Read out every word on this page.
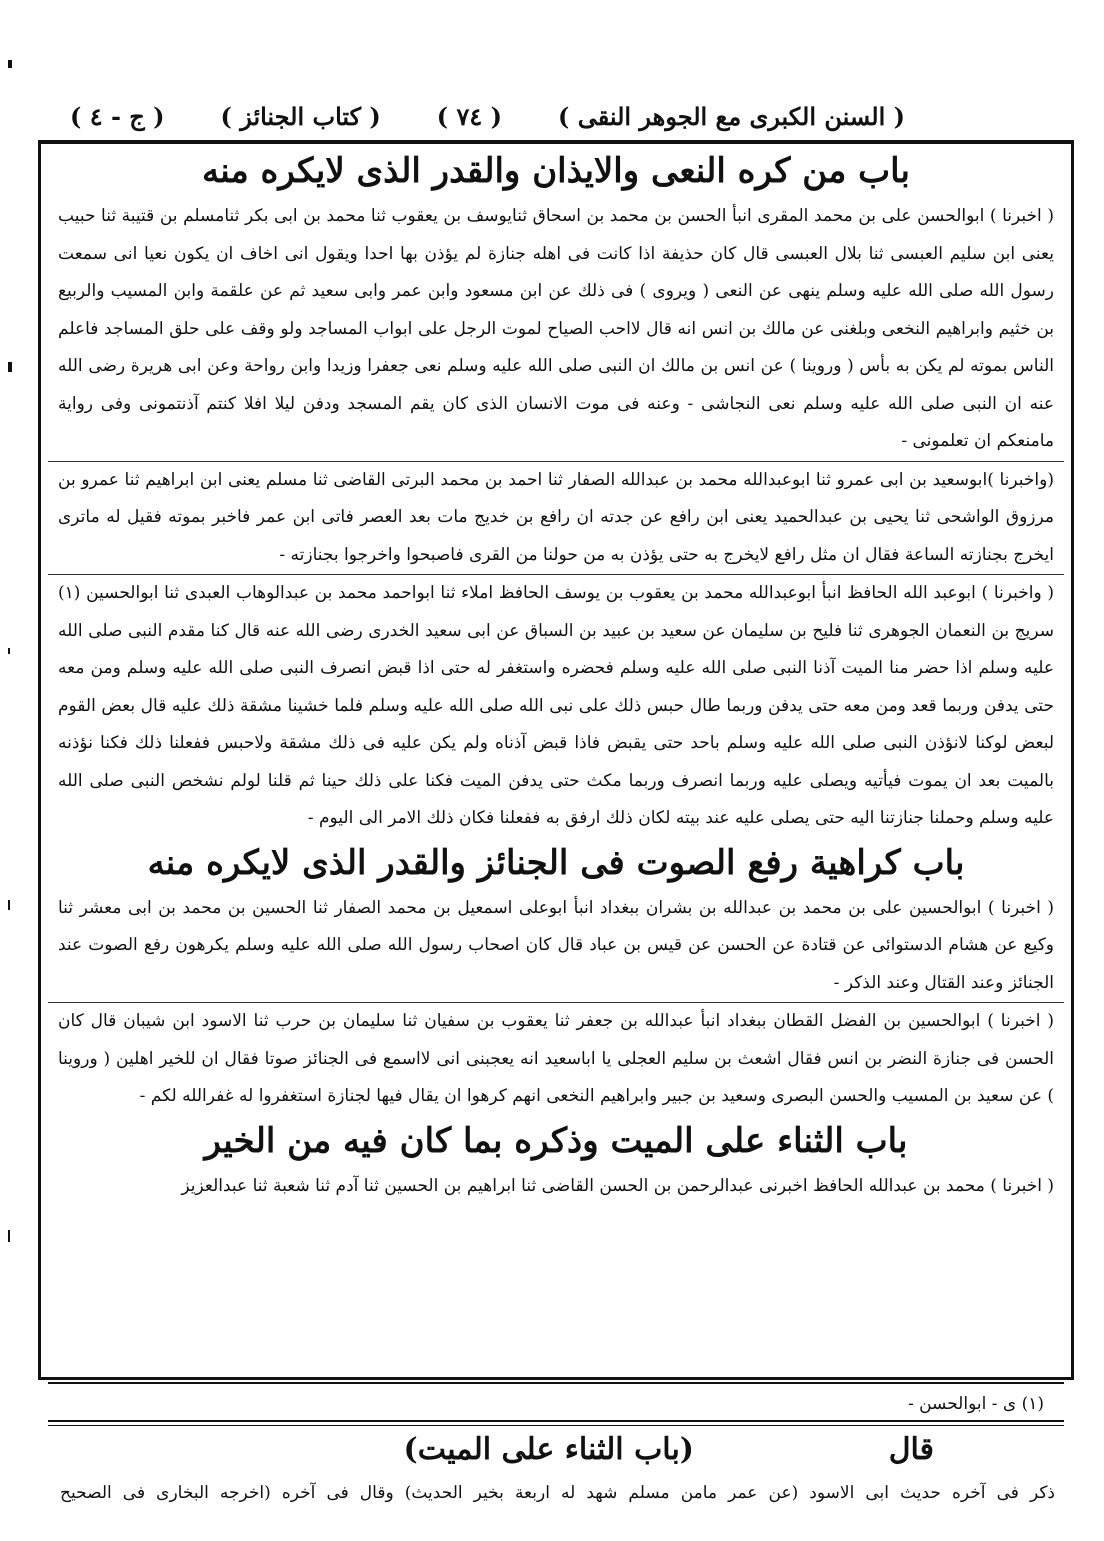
( السنن الكبرى مع الجوهر النقى )
( ٧٤ )
( كتاب الجنائز )
( ج - ٤ )
باب من كره النعى والايذان والقدر الذى لايكره منه

( اخبرنا ) ابوالحسن على بن محمد المقرى انبأ الحسن بن محمد بن اسحاق ثنايوسف بن يعقوب ثنا محمد بن ابى بكر ثنامسلم بن قتيبة ثنا حبيب يعنى ابن سليم العبسى ثنا بلال العبسى قال كان حذيفة اذا كانت فى اهله جنازة لم يؤذن بها احدا ويقول انى اخاف ان يكون نعيا انى سمعت رسول الله صلى الله عليه وسلم ينهى عن النعى ( ويروى ) فى ذلك عن ابن مسعود وابن عمر وابى سعيد ثم عن علقمة وابن المسيب والربيع بن خثيم وابراهيم النخعى وبلغنى عن مالك بن انس انه قال لااحب الصياح لموت الرجل على ابواب المساجد ولو وقف على حلق المساجد فاعلم الناس بموته لم يكن به بأس ( وروينا ) عن انس بن مالك ان النبى صلى الله عليه وسلم نعى جعفرا وزيدا وابن رواحة وعن ابى هريرة رضى الله عنه ان النبى صلى الله عليه وسلم نعى النجاشى - وعنه فى موت الانسان الذى كان يقم المسجد ودفن ليلا افلا كنتم آذنتمونى وفى رواية مامنعكم ان تعلمونى -

(واخبرنا )ابوسعيد بن ابى عمرو ثنا ابوعبدالله محمد بن عبدالله الصفار ثنا احمد بن محمد البرتى القاضى ثنا مسلم يعنى ابن ابراهيم ثنا عمرو بن مرزوق الواشحى ثنا يحيى بن عبدالحميد يعنى ابن رافع عن جدته ان رافع بن خديج مات بعد العصر فاتى ابن عمر فاخبر بموته فقيل له ماترى ايخرج بجنازته الساعة فقال ان مثل رافع لايخرج به حتى يؤذن به من حولنا من القرى فاصبحوا واخرجوا بجنازته -

( واخبرنا ) ابوعبد الله الحافظ انبأ ابوعبدالله محمد بن يعقوب بن يوسف الحافظ املاء ثنا ابواحمد محمد بن عبدالوهاب العبدى ثنا ابوالحسين (١) سريج بن النعمان الجوهرى ثنا فليح بن سليمان عن سعيد بن عبيد بن السباق عن ابى سعيد الخدرى رضى الله عنه قال كنا مقدم النبى صلى الله عليه وسلم اذا حضر منا الميت آذنا النبى صلى الله عليه وسلم فحضره واستغفر له حتى اذا قبض انصرف النبى صلى الله عليه وسلم ومن معه حتى يدفن وربما قعد ومن معه حتى يدفن وربما طال حبس ذلك على نبى الله صلى الله عليه وسلم فلما خشينا مشقة ذلك عليه قال بعض القوم لبعض لوكنا لانؤذن النبى صلى الله عليه وسلم باحد حتى يقبض فاذا قبض آذناه ولم يكن عليه فى ذلك مشقة ولاحبس ففعلنا ذلك فكنا نؤذنه بالميت بعد ان يموت فيأتيه ويصلى عليه وربما انصرف وربما مكث حتى يدفن الميت فكنا على ذلك حينا ثم قلنا لولم نشخص النبى صلى الله عليه وسلم وحملنا جنازتنا اليه حتى يصلى عليه عند بيته لكان ذلك ارفق به ففعلنا فكان ذلك الامر الى اليوم -

باب كراهية رفع الصوت فى الجنائز والقدر الذى لايكره منه

( اخبرنا ) ابوالحسين على بن محمد بن عبدالله بن بشران ببغداد انبأ ابوعلى اسمعيل بن محمد الصفار ثنا الحسين بن محمد بن ابى معشر ثنا وكيع عن هشام الدستوائى عن قتادة عن الحسن عن قيس بن عباد قال كان اصحاب رسول الله صلى الله عليه وسلم يكرهون رفع الصوت عند الجنائز وعند القتال وعند الذكر -

( اخبرنا ) ابوالحسين بن الفضل القطان ببغداد انبأ عبدالله بن جعفر ثنا يعقوب بن سفيان ثنا سليمان بن حرب ثنا الاسود ابن شيبان قال كان الحسن فى جنازة النضر بن انس فقال اشعث بن سليم العجلى يا اباسعيد انه يعجبنى انى لااسمع فى الجنائز صوتا فقال ان للخير اهلين ( وروينا ) عن سعيد بن المسيب والحسن البصرى وسعيد بن جبير وابراهيم النخعى انهم كرهوا ان يقال فيها لجنازة استغفروا له غفرالله لكم -

باب الثناء على الميت وذكره بما كان فيه من الخير

( اخبرنا ) محمد بن عبدالله الحافظ اخبرنى عبدالرحمن بن الحسن القاضى ثنا ابراهيم بن الحسين ثنا آدم ثنا شعبة ثنا عبدالعزيز

(١) ى - ابوالحسن -
قال
(باب الثناء على الميت)
ذكر فى آخره حديث ابى الاسود (عن عمر مامن مسلم شهد له اربعة بخير الحديث) وقال فى آخره (اخرجه البخارى فى الصحيح
